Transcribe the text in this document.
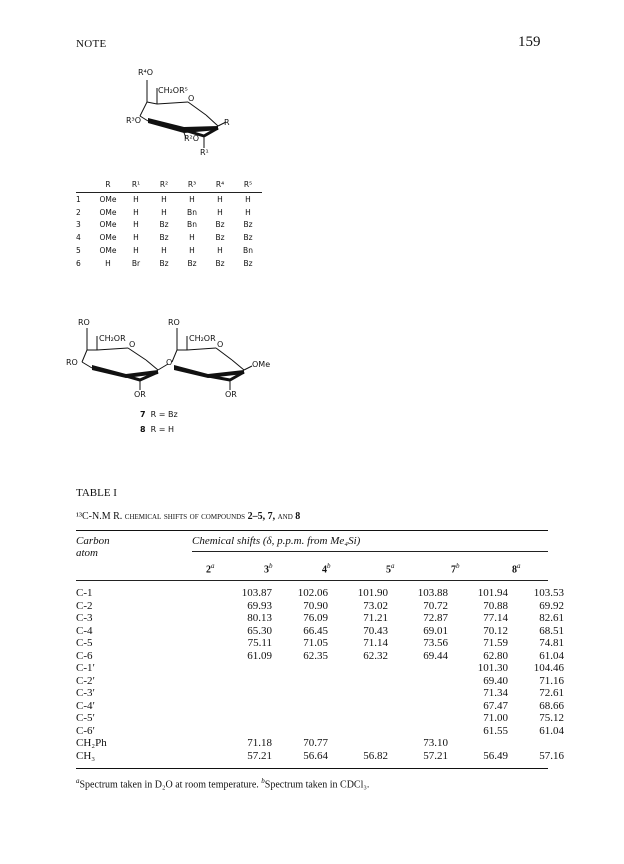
NOTE	159
R⁴O
CH₂OR⁵
O
R³O	R
R²O
R¹
	R	R¹	R²	R³	R⁴	R⁵
1	OMe	H	H	H	H	H
2	OMe	H	H	Bn	H	H
3	OMe	H	Bz	Bn	Bz	Bz
4	OMe	H	Bz	H	Bz	Bz
5	OMe	H	H	H	H	Bn
6	H	Br	Bz	Bz	Bz	Bz
RO
CH₂OR
O
RO
OR
O
RO
CH₂OR
O
OMe
OR
7 R = Bz
8 R = H
TABLE I
¹³C-N.M R. chemical shifts of compounds 2–5, 7, and 8
Carbon
atom
Chemical shifts (δ, p.p.m. from Me₄Si)
2$^a$	3$^b$	4$^b$	5$^a$	7$^b$	8$^a$
C-1	103.87	102.06	101.90	103.88	101.94	103.53
C-2	69.93	70.90	73.02	70.72	70.88	69.92
C-3	80.13	76.09	71.21	72.87	77.14	82.61
C-4	65.30	66.45	70.43	69.01	70.12	68.51
C-5	75.11	71.05	71.14	73.56	71.59	74.81
C-6	61.09	62.35	62.32	69.44	62.80	61.04
C-1′					101.30	104.46
C-2′					69.40	71.16
C-3′					71.34	72.61
C-4′					67.47	68.66
C-5′					71.00	75.12
C-6′					61.55	61.04
CH₂Ph	71.18	70.77		73.10		
CH₃	57.21	56.64	56.82	57.21	56.49	57.16
$^a$Spectrum taken in D₂O at room temperature. $^b$Spectrum taken in CDCl₃.
